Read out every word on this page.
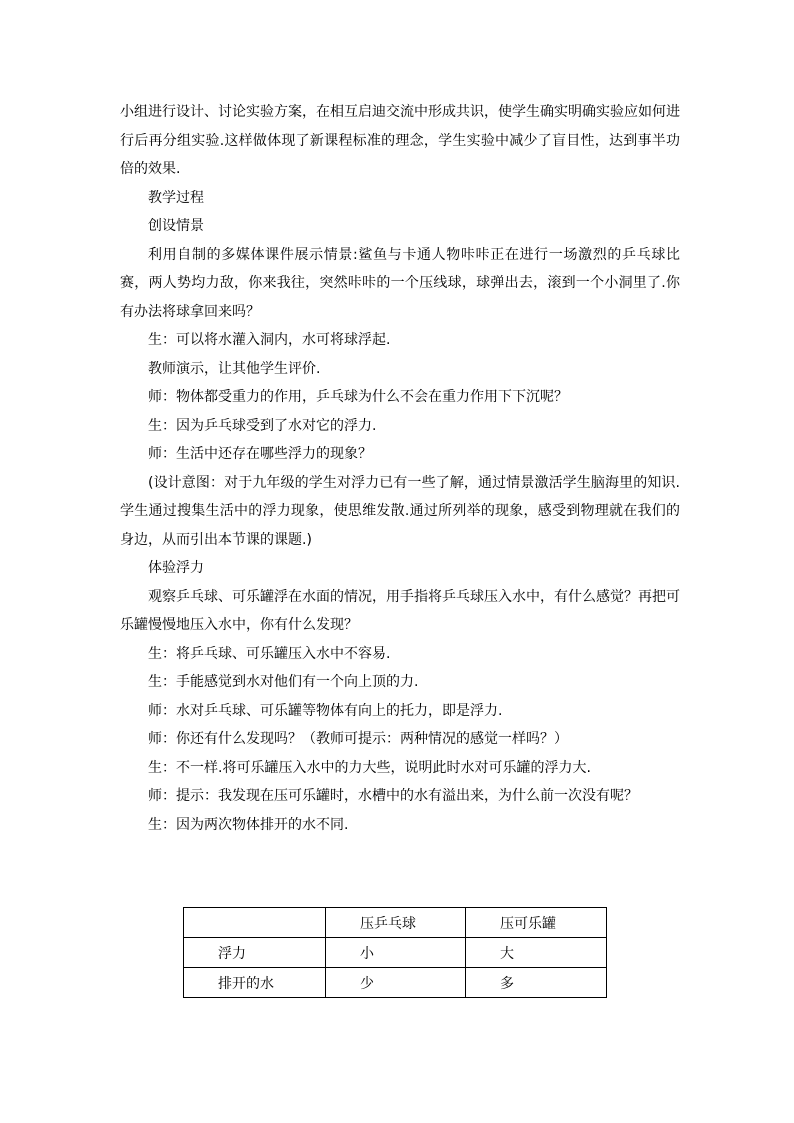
小组进行设计、讨论实验方案，在相互启迪交流中形成共识，使学生确实明确实验应如何进行后再分组实验.这样做体现了新课程标准的理念，学生实验中减少了盲目性，达到事半功倍的效果.

教学过程

创设情景

利用自制的多媒体课件展示情景:鲨鱼与卡通人物咔咔正在进行一场激烈的乒乓球比赛，两人势均力敌，你来我往，突然咔咔的一个压线球，球弹出去，滚到一个小洞里了.你有办法将球拿回来吗？

生：可以将水灌入洞内，水可将球浮起.

教师演示，让其他学生评价.

师：物体都受重力的作用，乒乓球为什么不会在重力作用下下沉呢？

生：因为乒乓球受到了水对它的浮力.

师：生活中还存在哪些浮力的现象？

(设计意图：对于九年级的学生对浮力已有一些了解，通过情景激活学生脑海里的知识.学生通过搜集生活中的浮力现象，使思维发散.通过所列举的现象，感受到物理就在我们的身边，从而引出本节课的课题.)

体验浮力

观察乒乓球、可乐罐浮在水面的情况，用手指将乒乓球压入水中，有什么感觉？再把可乐罐慢慢地压入水中，你有什么发现？

生：将乒乓球、可乐罐压入水中不容易.

生：手能感觉到水对他们有一个向上顶的力.

师：水对乒乓球、可乐罐等物体有向上的托力，即是浮力.

师：你还有什么发现吗？（教师可提示：两种情况的感觉一样吗？）

生：不一样.将可乐罐压入水中的力大些，说明此时水对可乐罐的浮力大.

师：提示：我发现在压可乐罐时，水槽中的水有溢出来，为什么前一次没有呢？

生：因为两次物体排开的水不同.

	压乒乓球	压可乐罐
浮力	小	大
排开的水	少	多
